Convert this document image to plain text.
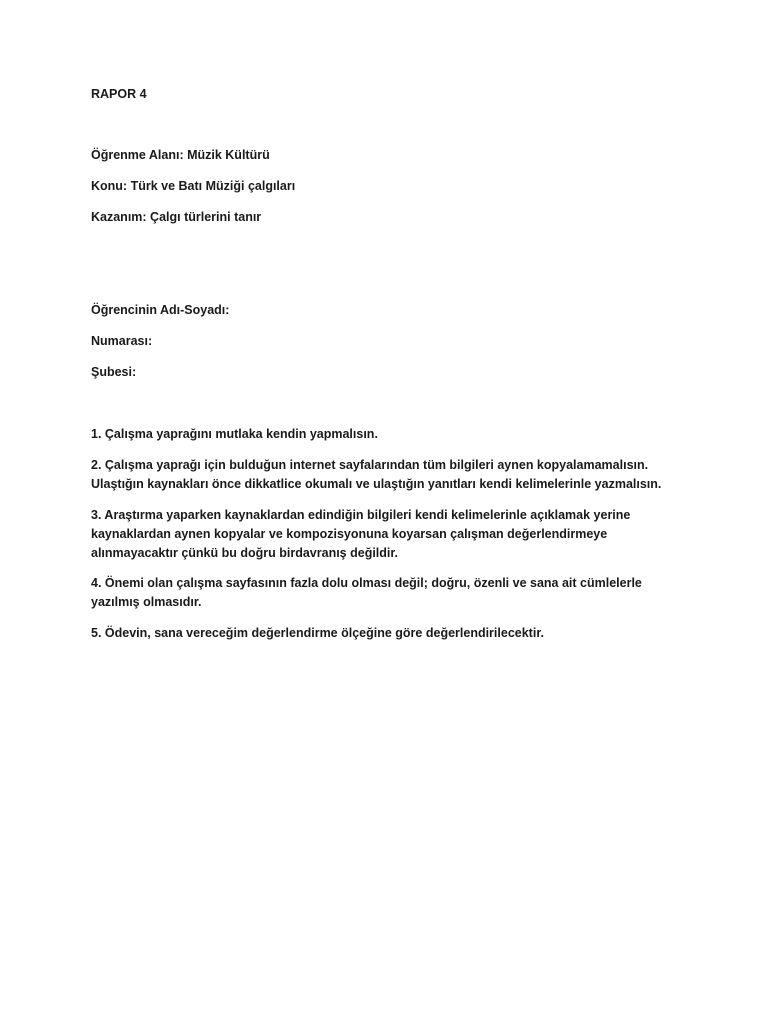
RAPOR 4

Öğrenme Alanı: Müzik Kültürü

Konu: Türk ve Batı Müziği çalgıları

Kazanım: Çalgı türlerini tanır

Öğrencinin Adı-Soyadı:

Numarası:

Şubesi:

1. Çalışma yaprağını mutlaka kendin yapmalısın.
2. Çalışma yaprağı için bulduğun internet sayfalarından tüm bilgileri aynen kopyalamamalısın.
Ulaştığın kaynakları önce dikkatlice okumalı ve ulaştığın yanıtları kendi kelimelerinle yazmalısın.
3. Araştırma yaparken kaynaklardan edindiğin bilgileri kendi kelimelerinle açıklamak yerine
kaynaklardan aynen kopyalar ve kompozisyonuna koyarsan çalışman değerlendirmeye
alınmayacaktır çünkü bu doğru birdavranış değildir.
4. Önemi olan çalışma sayfasının fazla dolu olması değil; doğru, özenli ve sana ait cümlelerle
yazılmış olmasıdır.
5. Ödevin, sana vereceğim değerlendirme ölçeğine göre değerlendirilecektir.
